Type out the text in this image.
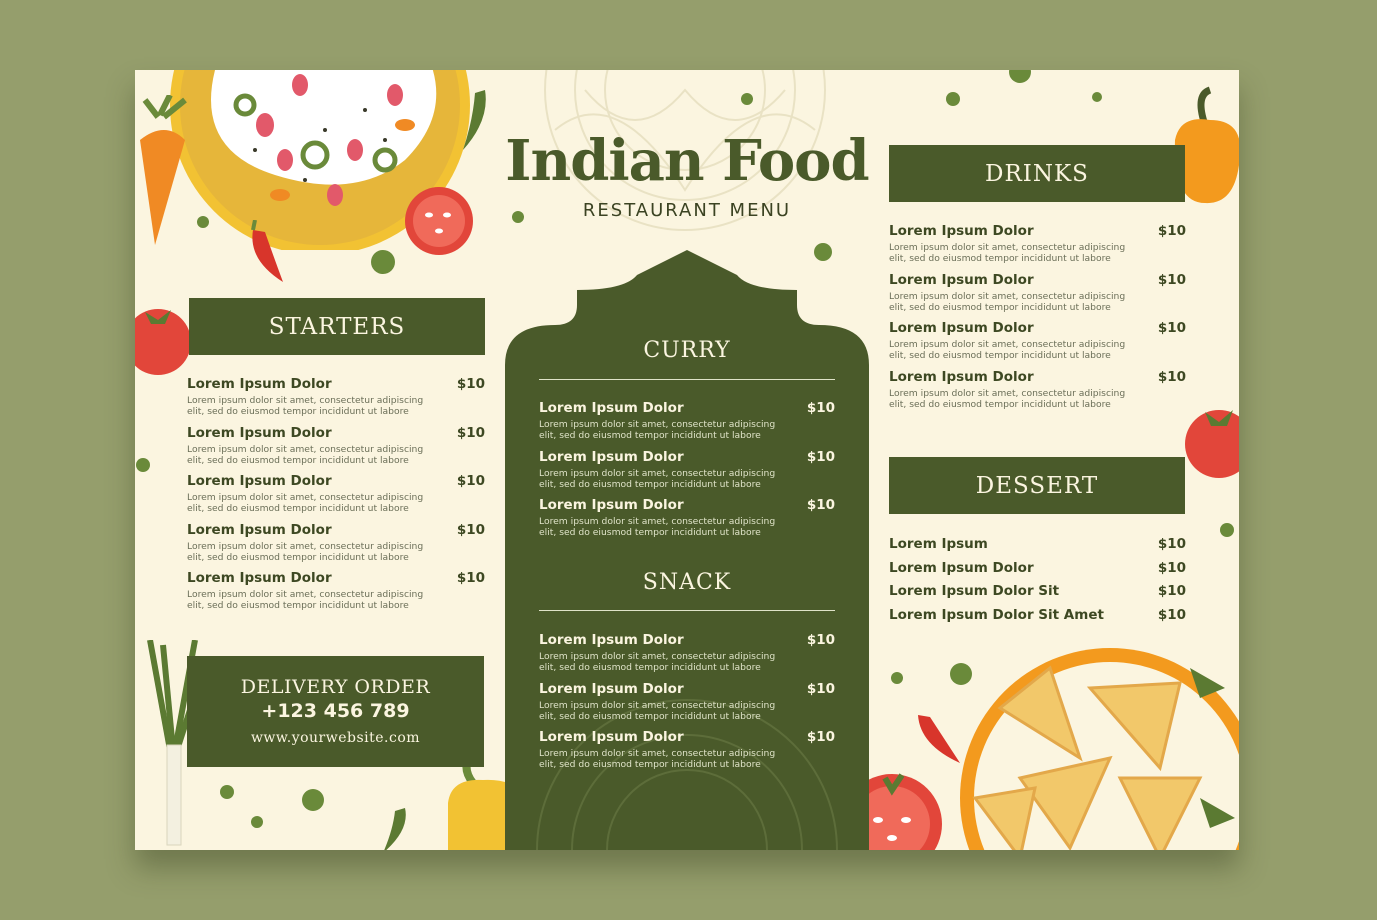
Indian Food
RESTAURANT MENU
STARTERS
Lorem Ipsum Dolor	$10
Lorem ipsum dolor sit amet, consectetur adipiscing elit, sed do eiusmod tempor incididunt ut labore
Lorem Ipsum Dolor	$10
Lorem ipsum dolor sit amet, consectetur adipiscing elit, sed do eiusmod tempor incididunt ut labore
Lorem Ipsum Dolor	$10
Lorem ipsum dolor sit amet, consectetur adipiscing elit, sed do eiusmod tempor incididunt ut labore
Lorem Ipsum Dolor	$10
Lorem ipsum dolor sit amet, consectetur adipiscing elit, sed do eiusmod tempor incididunt ut labore
Lorem Ipsum Dolor	$10
Lorem ipsum dolor sit amet, consectetur adipiscing elit, sed do eiusmod tempor incididunt ut labore
DELIVERY ORDER
+123 456 789
www.yourwebsite.com
CURRY
Lorem Ipsum Dolor	$10
Lorem ipsum dolor sit amet, consectetur adipiscing elit, sed do eiusmod tempor incididunt ut labore
Lorem Ipsum Dolor	$10
Lorem ipsum dolor sit amet, consectetur adipiscing elit, sed do eiusmod tempor incididunt ut labore
Lorem Ipsum Dolor	$10
Lorem ipsum dolor sit amet, consectetur adipiscing elit, sed do eiusmod tempor incididunt ut labore
SNACK
Lorem Ipsum Dolor	$10
Lorem ipsum dolor sit amet, consectetur adipiscing elit, sed do eiusmod tempor incididunt ut labore
Lorem Ipsum Dolor	$10
Lorem ipsum dolor sit amet, consectetur adipiscing elit, sed do eiusmod tempor incididunt ut labore
Lorem Ipsum Dolor	$10
Lorem ipsum dolor sit amet, consectetur adipiscing elit, sed do eiusmod tempor incididunt ut labore
DRINKS
Lorem Ipsum Dolor	$10
Lorem ipsum dolor sit amet, consectetur adipiscing elit, sed do eiusmod tempor incididunt ut labore
Lorem Ipsum Dolor	$10
Lorem ipsum dolor sit amet, consectetur adipiscing elit, sed do eiusmod tempor incididunt ut labore
Lorem Ipsum Dolor	$10
Lorem ipsum dolor sit amet, consectetur adipiscing elit, sed do eiusmod tempor incididunt ut labore
Lorem Ipsum Dolor	$10
Lorem ipsum dolor sit amet, consectetur adipiscing elit, sed do eiusmod tempor incididunt ut labore
DESSERT
Lorem Ipsum	$10
Lorem Ipsum Dolor	$10
Lorem Ipsum Dolor Sit	$10
Lorem Ipsum Dolor Sit Amet	$10
